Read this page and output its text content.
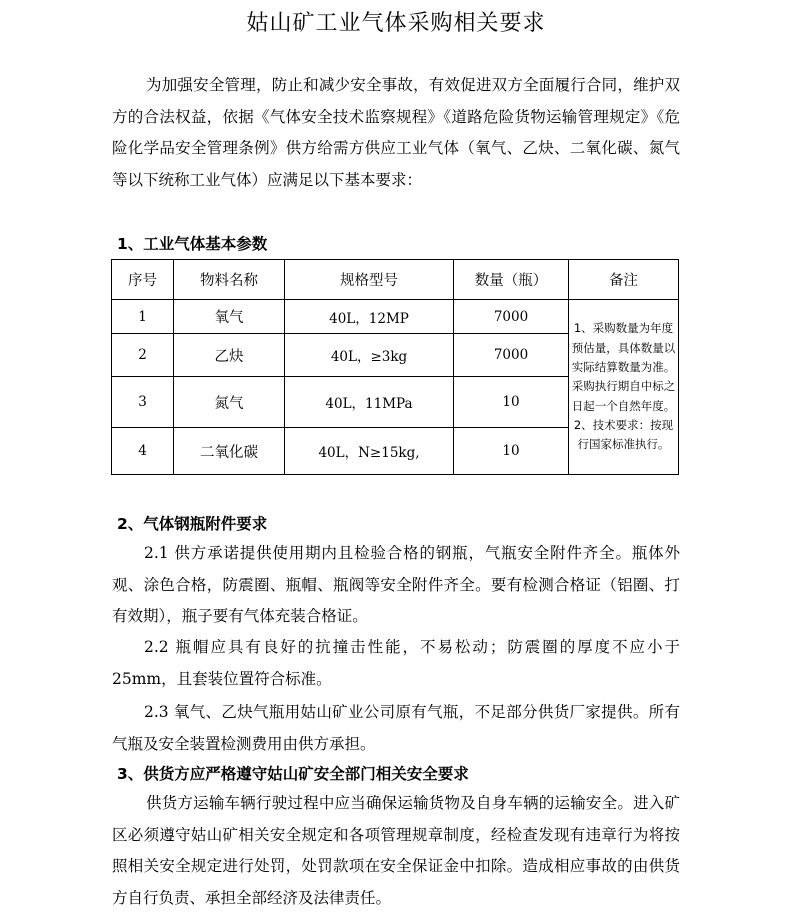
姑山矿工业气体采购相关要求
为加强安全管理，防止和减少安全事故，有效促进双方全面履行合同，维护双方的合法权益，依据《气体安全技术监察规程》《道路危险货物运输管理规定》《危险化学品安全管理条例》供方给需方供应工业气体（氧气、乙炔、二氧化碳、氮气等以下统称工业气体）应满足以下基本要求：
1、工业气体基本参数
序号	物料名称	规格型号	数量（瓶）	备注
1	氧气	40L，12MP	7000	1、采购数量为年度预估量，具体数量以实际结算数量为准。采购执行期自中标之日起一个自然年度。2、技术要求：按现行国家标准执行。
2	乙炔	40L，≥3kg	7000	
3	氮气	40L，11MPa	10	
4	二氧化碳	40L，N≥15kg,	10	
2、气体钢瓶附件要求
2.1 供方承诺提供使用期内且检验合格的钢瓶，气瓶安全附件齐全。瓶体外观、涂色合格，防震圈、瓶帽、瓶阀等安全附件齐全。要有检测合格证（铝圈、打有效期），瓶子要有气体充装合格证。
2.2 瓶帽应具有良好的抗撞击性能，不易松动；防震圈的厚度不应小于 25mm，且套装位置符合标准。
2.3 氧气、乙炔气瓶用姑山矿业公司原有气瓶，不足部分供货厂家提供。所有气瓶及安全装置检测费用由供方承担。
3、供货方应严格遵守姑山矿安全部门相关安全要求
供货方运输车辆行驶过程中应当确保运输货物及自身车辆的运输安全。进入矿区必须遵守姑山矿相关安全规定和各项管理规章制度，经检查发现有违章行为将按照相关安全规定进行处罚，处罚款项在安全保证金中扣除。造成相应事故的由供货方自行负责、承担全部经济及法律责任。
